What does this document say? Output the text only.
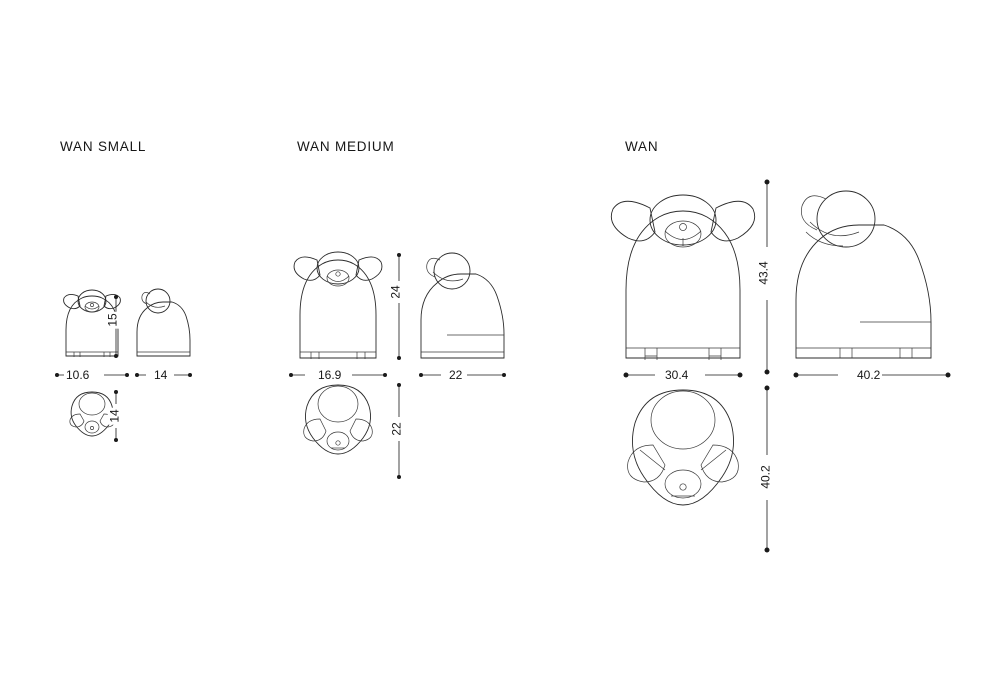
WAN SMALL	WAN MEDIUM	WAN
15
10.6	14
14
24
16.9	22
22
43.4
30.4	40.2
40.2
